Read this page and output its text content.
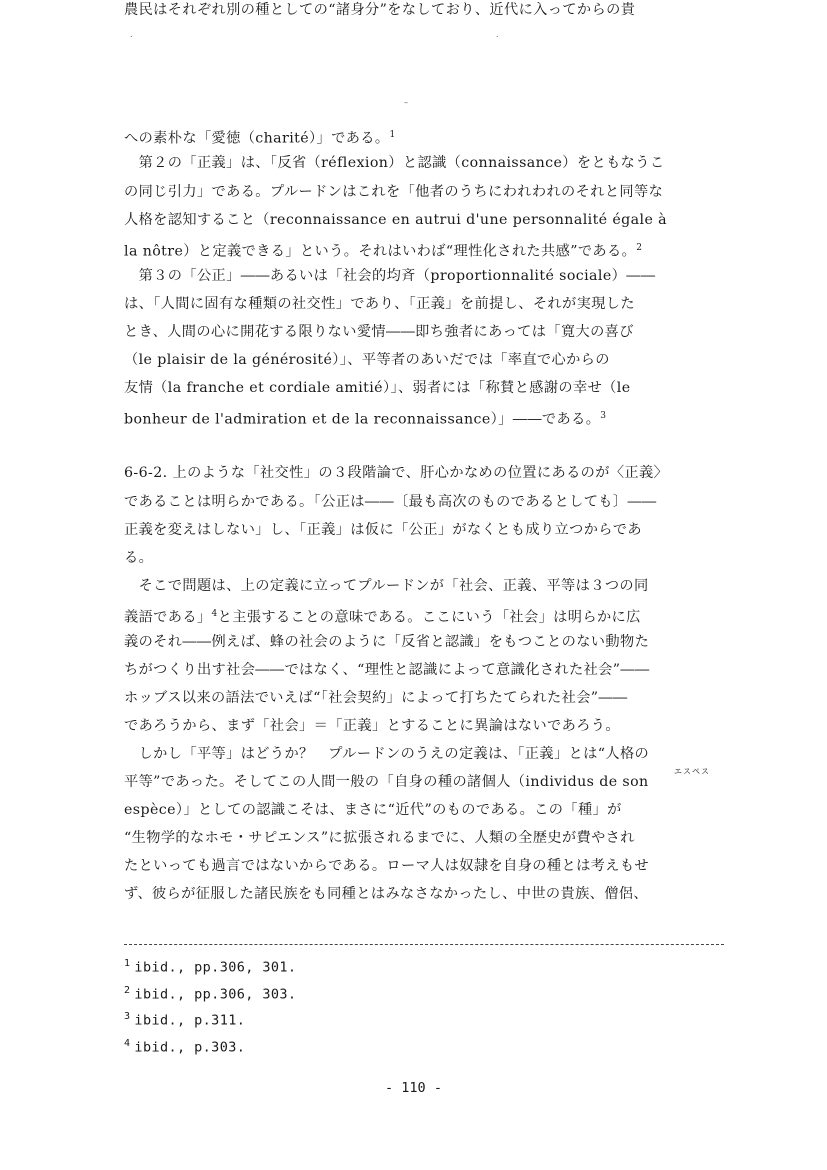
.	.
–
への素朴な「愛徳（charité）」である。$^1$
　第２の「正義」は、「反省（réflexion）と認識（connaissance）をともなうこ
の同じ引力」である。プルードンはこれを「他者のうちにわれわれのそれと同等な
人格を認知すること（reconnaissance en autrui d'une personnalité égale à
la nôtre）と定義できる」という。それはいわば“理性化された共感”である。$^2$
　第３の「公正」――あるいは「社会的均斉（proportionnalité sociale）――
は、「人間に固有な種類の社交性」であり、「正義」を前提し、それが実現した
とき、人間の心に開花する限りない愛情――即ち強者にあっては「寛大の喜び
（le plaisir de la générosité）」、平等者のあいだでは「率直で心からの
友情（la franche et cordiale amitié）」、弱者には「称賛と感謝の幸せ（le
bonheur de l'admiration et de la reconnaissance）」――である。$^3$
6-6-2. 上のような「社交性」の３段階論で、肝心かなめの位置にあるのが〈正義〉
であることは明らかである。「公正は――〔最も高次のものであるとしても〕――
正義を変えはしない」し、「正義」は仮に「公正」がなくとも成り立つからであ
る。
　そこで問題は、上の定義に立ってプルードンが「社会、正義、平等は３つの同
義語である」$^4$と主張することの意味である。ここにいう「社会」は明らかに広
義のそれ――例えば、蜂の社会のように「反省と認識」をもつことのない動物た
ちがつくり出す社会――ではなく、“理性と認識によって意識化された社会”――
ホッブス以来の語法でいえば“「社会契約」によって打ちたてられた社会”――
であろうから、まず「社会」＝「正義」とすることに異論はないであろう。
　しかし「平等」はどうか？　プルードンのうえの定義は、「正義」とは“人格の
平等”であった。そしてこの人間一般の「自身の種の諸個人（individus de son
espèce）」としての認識こそは、まさに“近代”のものである。この「種」が
“生物学的なホモ・サピエンス”に拡張されるまでに、人類の全歴史が費やされ
たといっても過言ではないからである。ローマ人は奴隷を自身の種とは考えもせ
ず、彼らが征服した諸民族をも同種とはみなさなかったし、中世の貴族、僧侶、
農民はそれぞれ別の種としての“諸身分”をなしており、近代に入ってからの貴
エスペス
$^1$ ibid., pp.306, 301.
$^2$ ibid., pp.306, 303.
$^3$ ibid., p.311.
$^4$ ibid., p.303.
- 110 -
